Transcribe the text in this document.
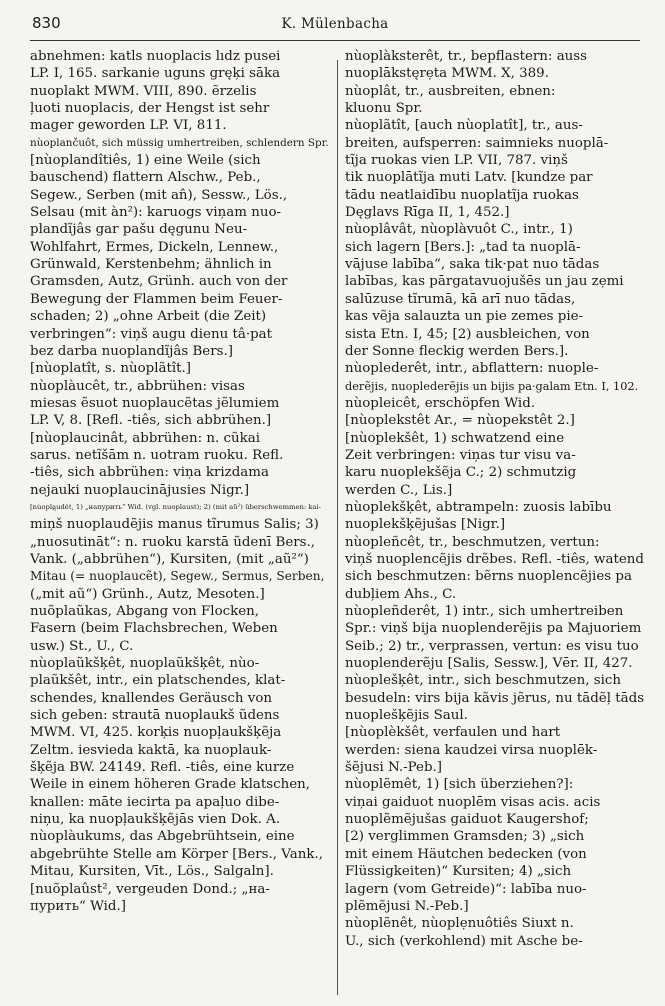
830	K. Mülenbacha
abnehmen: katls nuoplacis lıdz pusei
LP. I, 165. sarkanie uguns gręķi sāka
nuoplakt MWM. VIII, 890. ẽrzelis
ļuoti nuoplacis, der Hengst ist sehr
mager geworden LP. VI, 811.
nùoplančuôt, sich müssig umhertreiben, schlendern Spr.
[nùoplandîtiês, 1) eine Weile (sich
bauschend) flattern Alschw., Peb.,
Segew., Serben (mit an̂), Sessw., Lös.,
Selsau (mit àn²): karuogs viņam nuo-
plandĩjâs gar pašu dęgunu Neu-
Wohlfahrt, Ermes, Dickeln, Lennew.,
Grünwald, Kerstenbehm; ähnlich in
Gramsden, Autz, Grünh. auch von der
Bewegung der Flammen beim Feuer-
schaden; 2) „ohne Arbeit (die Zeit)
verbringen“: viņš augu dienu tâ·pat
bez darba nuoplandĩjâs Bers.]
[nùoplatît, s. nùoplãtît.]
nùoplàucêt, tr., abbrühen: visas
miesas ẽsuot nuoplaucẽtas jẽlumiem
LP. V, 8. [Refl. -tiês, sich abbrühen.]
[nùoplaucinât, abbrühen: n. cũkai
sarus. netĩšām n. uotram ruoku. Refl.
-tiês, sich abbrühen: viņa krizdama
nejauki nuoplaucinājusies Nigr.]
[nùopla̢udêt, 1) „напурить“ Wid. (vgl. nuoplaust); 2) (mit aũ²) überschwemmen: kai-
miņš nuoplaudẽjis manus tĩrumus Salis; 3)
„nuosutināt“: n. ruoku karstā ũdenī Bers.,
Vank. („abbrühen“), Kursiten, (mit „aũ²“)
Mitau (= nuoplaucẽt), Segew., Sermus, Serben,
(„mit aũ“) Grünh., Autz, Mesoten.]
nuõplaũkas, Abgang von Flocken,
Fasern (beim Flachsbrechen, Weben
usw.) St., U., C.
nùoplaũkšķêt, nuoplaũkšķêt, nùo-
plaũkšêt, intr., ein platschendes, klat-
schendes, knallendes Geräusch von
sich geben: strautā nuoplaukš ũdens
MWM. VI, 425. korķis nuopļaukšķẽja
Zeltm. iesvieda kaktā, ka nuoplauk-
šķẽja BW. 24149. Refl. -tiês, eine kurze
Weile in einem höheren Grade klatschen,
knallen: māte iecirta pa apaļuo dibe-
niņu, ka nuopļaukšķẽjās vien Dok. A.
nùoplàukums, das Abgebrühtsein, eine
abgebrühte Stelle am Körper [Bers., Vank.,
Mitau, Kursiten, Vīt., Lös., Salgaln].
[nuõplaûst², vergeuden Dond.; „на-
пурить“ Wid.]
nùoplàksterêt, tr., bepflastern: auss
nuoplākstęrẹta MWM. X, 389.
nùoplât, tr., ausbreiten, ebnen:
kluonu Spr.
nùoplãtît, [auch nùoplatît], tr., aus-
breiten, aufsperren: saimnieks nuoplā-
tĩja ruokas vien LP. VII, 787. viņš
tik nuoplātĩja muti Latv. [kundze par
tādu neatlaidību nuoplatĩja ruokas
Dęglavs Rīga II, 1, 452.]
nùoplâvât, nùoplàvuôt C., intr., 1)
sich lagern [Bers.]: „tad ta nuoplā-
vājuse labība“, saka tik·pat nuo tādas
labības, kas pārgatavuojušēs un jau zẹmi
salūzuse tĩrumā, kā arī nuo tādas,
kas vẽja salauzta un pie zemes pie-
sista Etn. I, 45; [2) ausbleichen, von
der Sonne fleckig werden Bers.].
nùoplederêt, intr., abflattern: nuople-
derẽjis, nuoplederẽjis un bijis pa·galam Etn. I, 102.
nùopleicêt, erschöpfen Wid.
[nùoplekstêt Ar., = nùopekstêt 2.]
[nùoplekšêt, 1) schwatzend eine
Zeit verbringen: viņas tur visu va-
karu nuoplekšẽja C.; 2) schmutzig
werden C., Lis.]
nùoplekšķêt, abtrampeln: zuosis labību
nuoplekšķẽjušas [Nigr.]
nùopleñcêt, tr., beschmutzen, vertun:
viņš nuoplencẽjis drẽbes. Refl. -tiês, watend
sich beschmutzen: bẽrns nuoplencẽjies pa
dubļiem Ahs., C.
nùopleñderêt, 1) intr., sich umhertreiben
Spr.: viņš bija nuoplenderẽjis pa Majuoriem
Seib.; 2) tr., verprassen, vertun: es visu tuo
nuoplenderẽju [Salis, Sessw.], Vēr. II, 427.
nùoplešķêt, intr., sich beschmutzen, sich
besudeln: virs bija kãvis jẽrus, nu tādẽļ tāds
nuoplešķẽjis Saul.
[nùoplèkšêt, verfaulen und hart
werden: siena kaudzei virsa nuoplēk-
šẽjusi N.-Peb.]
nùoplẽmêt, 1) [sich überziehen?]:
viņai gaiduot nuoplēm visas acis. acis
nuoplẽmẽjušas gaiduot Kaugershof;
[2) verglimmen Gramsden; 3) „sich
mit einem Häutchen bedecken (von
Flüssigkeiten)“ Kursiten; 4) „sich
lagern (vom Getreide)“: labība nuo-
plẽmẽjusi N.-Peb.]
nùoplẽnêt, nùoplẹnuôtiês Siuxt n.
U., sich (verkohlend) mit Asche be-
